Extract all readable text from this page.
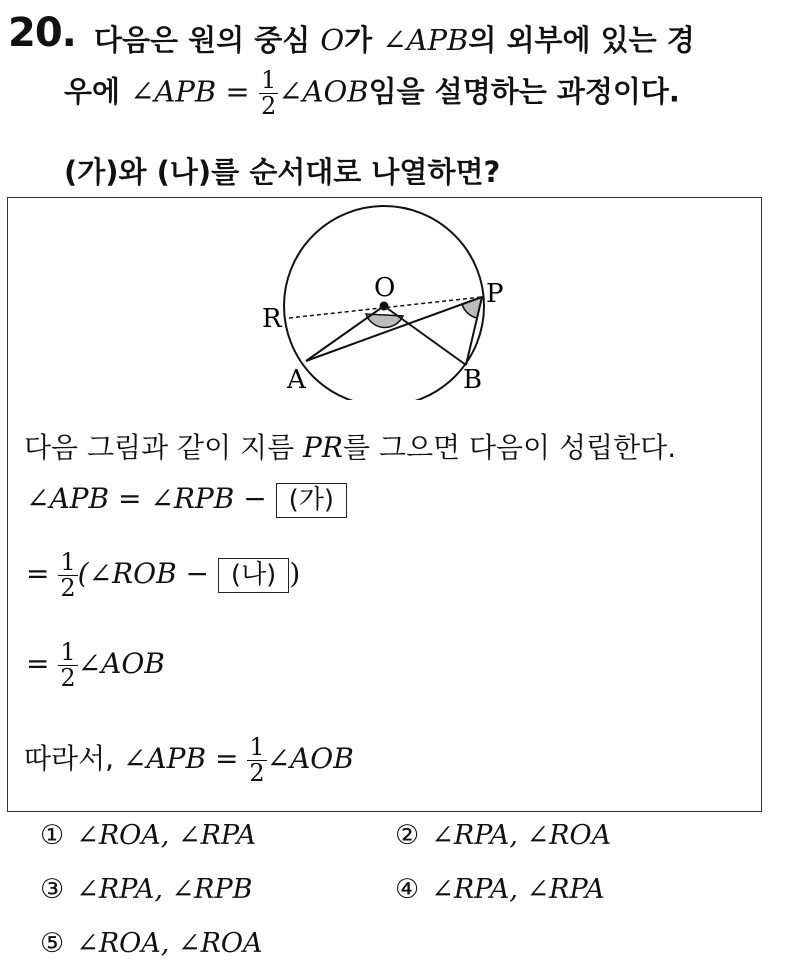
20. 다음은 원의 중심 O가 ∠APB의 외부에 있는 경
우에 ∠APB = $\frac{1}{2}$ ∠AOB임을 설명하는 과정이다.
(가)와 (나)를 순서대로 나열하면?
O	P
R
A	B
다음 그림과 같이 지름 PR를 그으면 다음이 성립한다.
∠APB = ∠RPB − (가)
= $\frac{1}{2}$ (∠ROB − (나) )
= $\frac{1}{2}$ ∠AOB
따라서, ∠APB = $\frac{1}{2}$ ∠AOB
① ∠ROA, ∠RPA	② ∠RPA, ∠ROA
③ ∠RPA, ∠RPB	④ ∠RPA, ∠RPA
⑤ ∠ROA, ∠ROA
